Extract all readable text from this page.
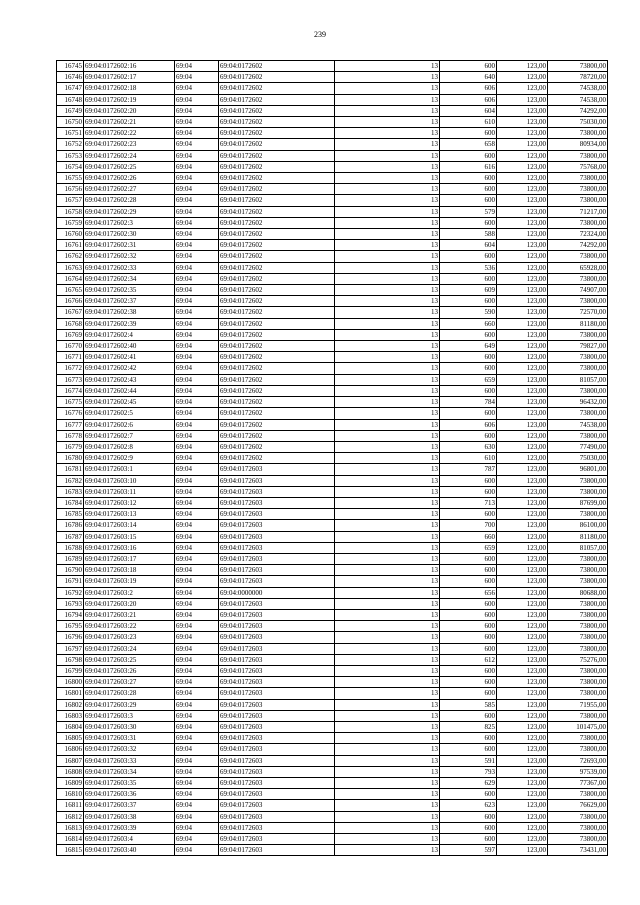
239
16745	69:04:0172602:16	69:04	69:04:0172602	13	600	123,00	73800,00
16746	69:04:0172602:17	69:04	69:04:0172602	13	640	123,00	78720,00
16747	69:04:0172602:18	69:04	69:04:0172602	13	606	123,00	74538,00
16748	69:04:0172602:19	69:04	69:04:0172602	13	606	123,00	74538,00
16749	69:04:0172602:20	69:04	69:04:0172602	13	604	123,00	74292,00
16750	69:04:0172602:21	69:04	69:04:0172602	13	610	123,00	75030,00
16751	69:04:0172602:22	69:04	69:04:0172602	13	600	123,00	73800,00
16752	69:04:0172602:23	69:04	69:04:0172602	13	658	123,00	80934,00
16753	69:04:0172602:24	69:04	69:04:0172602	13	600	123,00	73800,00
16754	69:04:0172602:25	69:04	69:04:0172602	13	616	123,00	75768,00
16755	69:04:0172602:26	69:04	69:04:0172602	13	600	123,00	73800,00
16756	69:04:0172602:27	69:04	69:04:0172602	13	600	123,00	73800,00
16757	69:04:0172602:28	69:04	69:04:0172602	13	600	123,00	73800,00
16758	69:04:0172602:29	69:04	69:04:0172602	13	579	123,00	71217,00
16759	69:04:0172602:3	69:04	69:04:0172602	13	600	123,00	73800,00
16760	69:04:0172602:30	69:04	69:04:0172602	13	588	123,00	72324,00
16761	69:04:0172602:31	69:04	69:04:0172602	13	604	123,00	74292,00
16762	69:04:0172602:32	69:04	69:04:0172602	13	600	123,00	73800,00
16763	69:04:0172602:33	69:04	69:04:0172602	13	536	123,00	65928,00
16764	69:04:0172602:34	69:04	69:04:0172602	13	600	123,00	73800,00
16765	69:04:0172602:35	69:04	69:04:0172602	13	609	123,00	74907,00
16766	69:04:0172602:37	69:04	69:04:0172602	13	600	123,00	73800,00
16767	69:04:0172602:38	69:04	69:04:0172602	13	590	123,00	72570,00
16768	69:04:0172602:39	69:04	69:04:0172602	13	660	123,00	81180,00
16769	69:04:0172602:4	69:04	69:04:0172602	13	600	123,00	73800,00
16770	69:04:0172602:40	69:04	69:04:0172602	13	649	123,00	79827,00
16771	69:04:0172602:41	69:04	69:04:0172602	13	600	123,00	73800,00
16772	69:04:0172602:42	69:04	69:04:0172602	13	600	123,00	73800,00
16773	69:04:0172602:43	69:04	69:04:0172602	13	659	123,00	81057,00
16774	69:04:0172602:44	69:04	69:04:0172602	13	600	123,00	73800,00
16775	69:04:0172602:45	69:04	69:04:0172602	13	784	123,00	96432,00
16776	69:04:0172602:5	69:04	69:04:0172602	13	600	123,00	73800,00
16777	69:04:0172602:6	69:04	69:04:0172602	13	606	123,00	74538,00
16778	69:04:0172602:7	69:04	69:04:0172602	13	600	123,00	73800,00
16779	69:04:0172602:8	69:04	69:04:0172602	13	630	123,00	77490,00
16780	69:04:0172602:9	69:04	69:04:0172602	13	610	123,00	75030,00
16781	69:04:0172603:1	69:04	69:04:0172603	13	787	123,00	96801,00
16782	69:04:0172603:10	69:04	69:04:0172603	13	600	123,00	73800,00
16783	69:04:0172603:11	69:04	69:04:0172603	13	600	123,00	73800,00
16784	69:04:0172603:12	69:04	69:04:0172603	13	713	123,00	87699,00
16785	69:04:0172603:13	69:04	69:04:0172603	13	600	123,00	73800,00
16786	69:04:0172603:14	69:04	69:04:0172603	13	700	123,00	86100,00
16787	69:04:0172603:15	69:04	69:04:0172603	13	660	123,00	81180,00
16788	69:04:0172603:16	69:04	69:04:0172603	13	659	123,00	81057,00
16789	69:04:0172603:17	69:04	69:04:0172603	13	600	123,00	73800,00
16790	69:04:0172603:18	69:04	69:04:0172603	13	600	123,00	73800,00
16791	69:04:0172603:19	69:04	69:04:0172603	13	600	123,00	73800,00
16792	69:04:0172603:2	69:04	69:04:0000000	13	656	123,00	80688,00
16793	69:04:0172603:20	69:04	69:04:0172603	13	600	123,00	73800,00
16794	69:04:0172603:21	69:04	69:04:0172603	13	600	123,00	73800,00
16795	69:04:0172603:22	69:04	69:04:0172603	13	600	123,00	73800,00
16796	69:04:0172603:23	69:04	69:04:0172603	13	600	123,00	73800,00
16797	69:04:0172603:24	69:04	69:04:0172603	13	600	123,00	73800,00
16798	69:04:0172603:25	69:04	69:04:0172603	13	612	123,00	75276,00
16799	69:04:0172603:26	69:04	69:04:0172603	13	600	123,00	73800,00
16800	69:04:0172603:27	69:04	69:04:0172603	13	600	123,00	73800,00
16801	69:04:0172603:28	69:04	69:04:0172603	13	600	123,00	73800,00
16802	69:04:0172603:29	69:04	69:04:0172603	13	585	123,00	71955,00
16803	69:04:0172603:3	69:04	69:04:0172603	13	600	123,00	73800,00
16804	69:04:0172603:30	69:04	69:04:0172603	13	825	123,00	101475,00
16805	69:04:0172603:31	69:04	69:04:0172603	13	600	123,00	73800,00
16806	69:04:0172603:32	69:04	69:04:0172603	13	600	123,00	73800,00
16807	69:04:0172603:33	69:04	69:04:0172603	13	591	123,00	72693,00
16808	69:04:0172603:34	69:04	69:04:0172603	13	793	123,00	97539,00
16809	69:04:0172603:35	69:04	69:04:0172603	13	629	123,00	77367,00
16810	69:04:0172603:36	69:04	69:04:0172603	13	600	123,00	73800,00
16811	69:04:0172603:37	69:04	69:04:0172603	13	623	123,00	76629,00
16812	69:04:0172603:38	69:04	69:04:0172603	13	600	123,00	73800,00
16813	69:04:0172603:39	69:04	69:04:0172603	13	600	123,00	73800,00
16814	69:04:0172603:4	69:04	69:04:0172603	13	600	123,00	73800,00
16815	69:04:0172603:40	69:04	69:04:0172603	13	597	123,00	73431,00
